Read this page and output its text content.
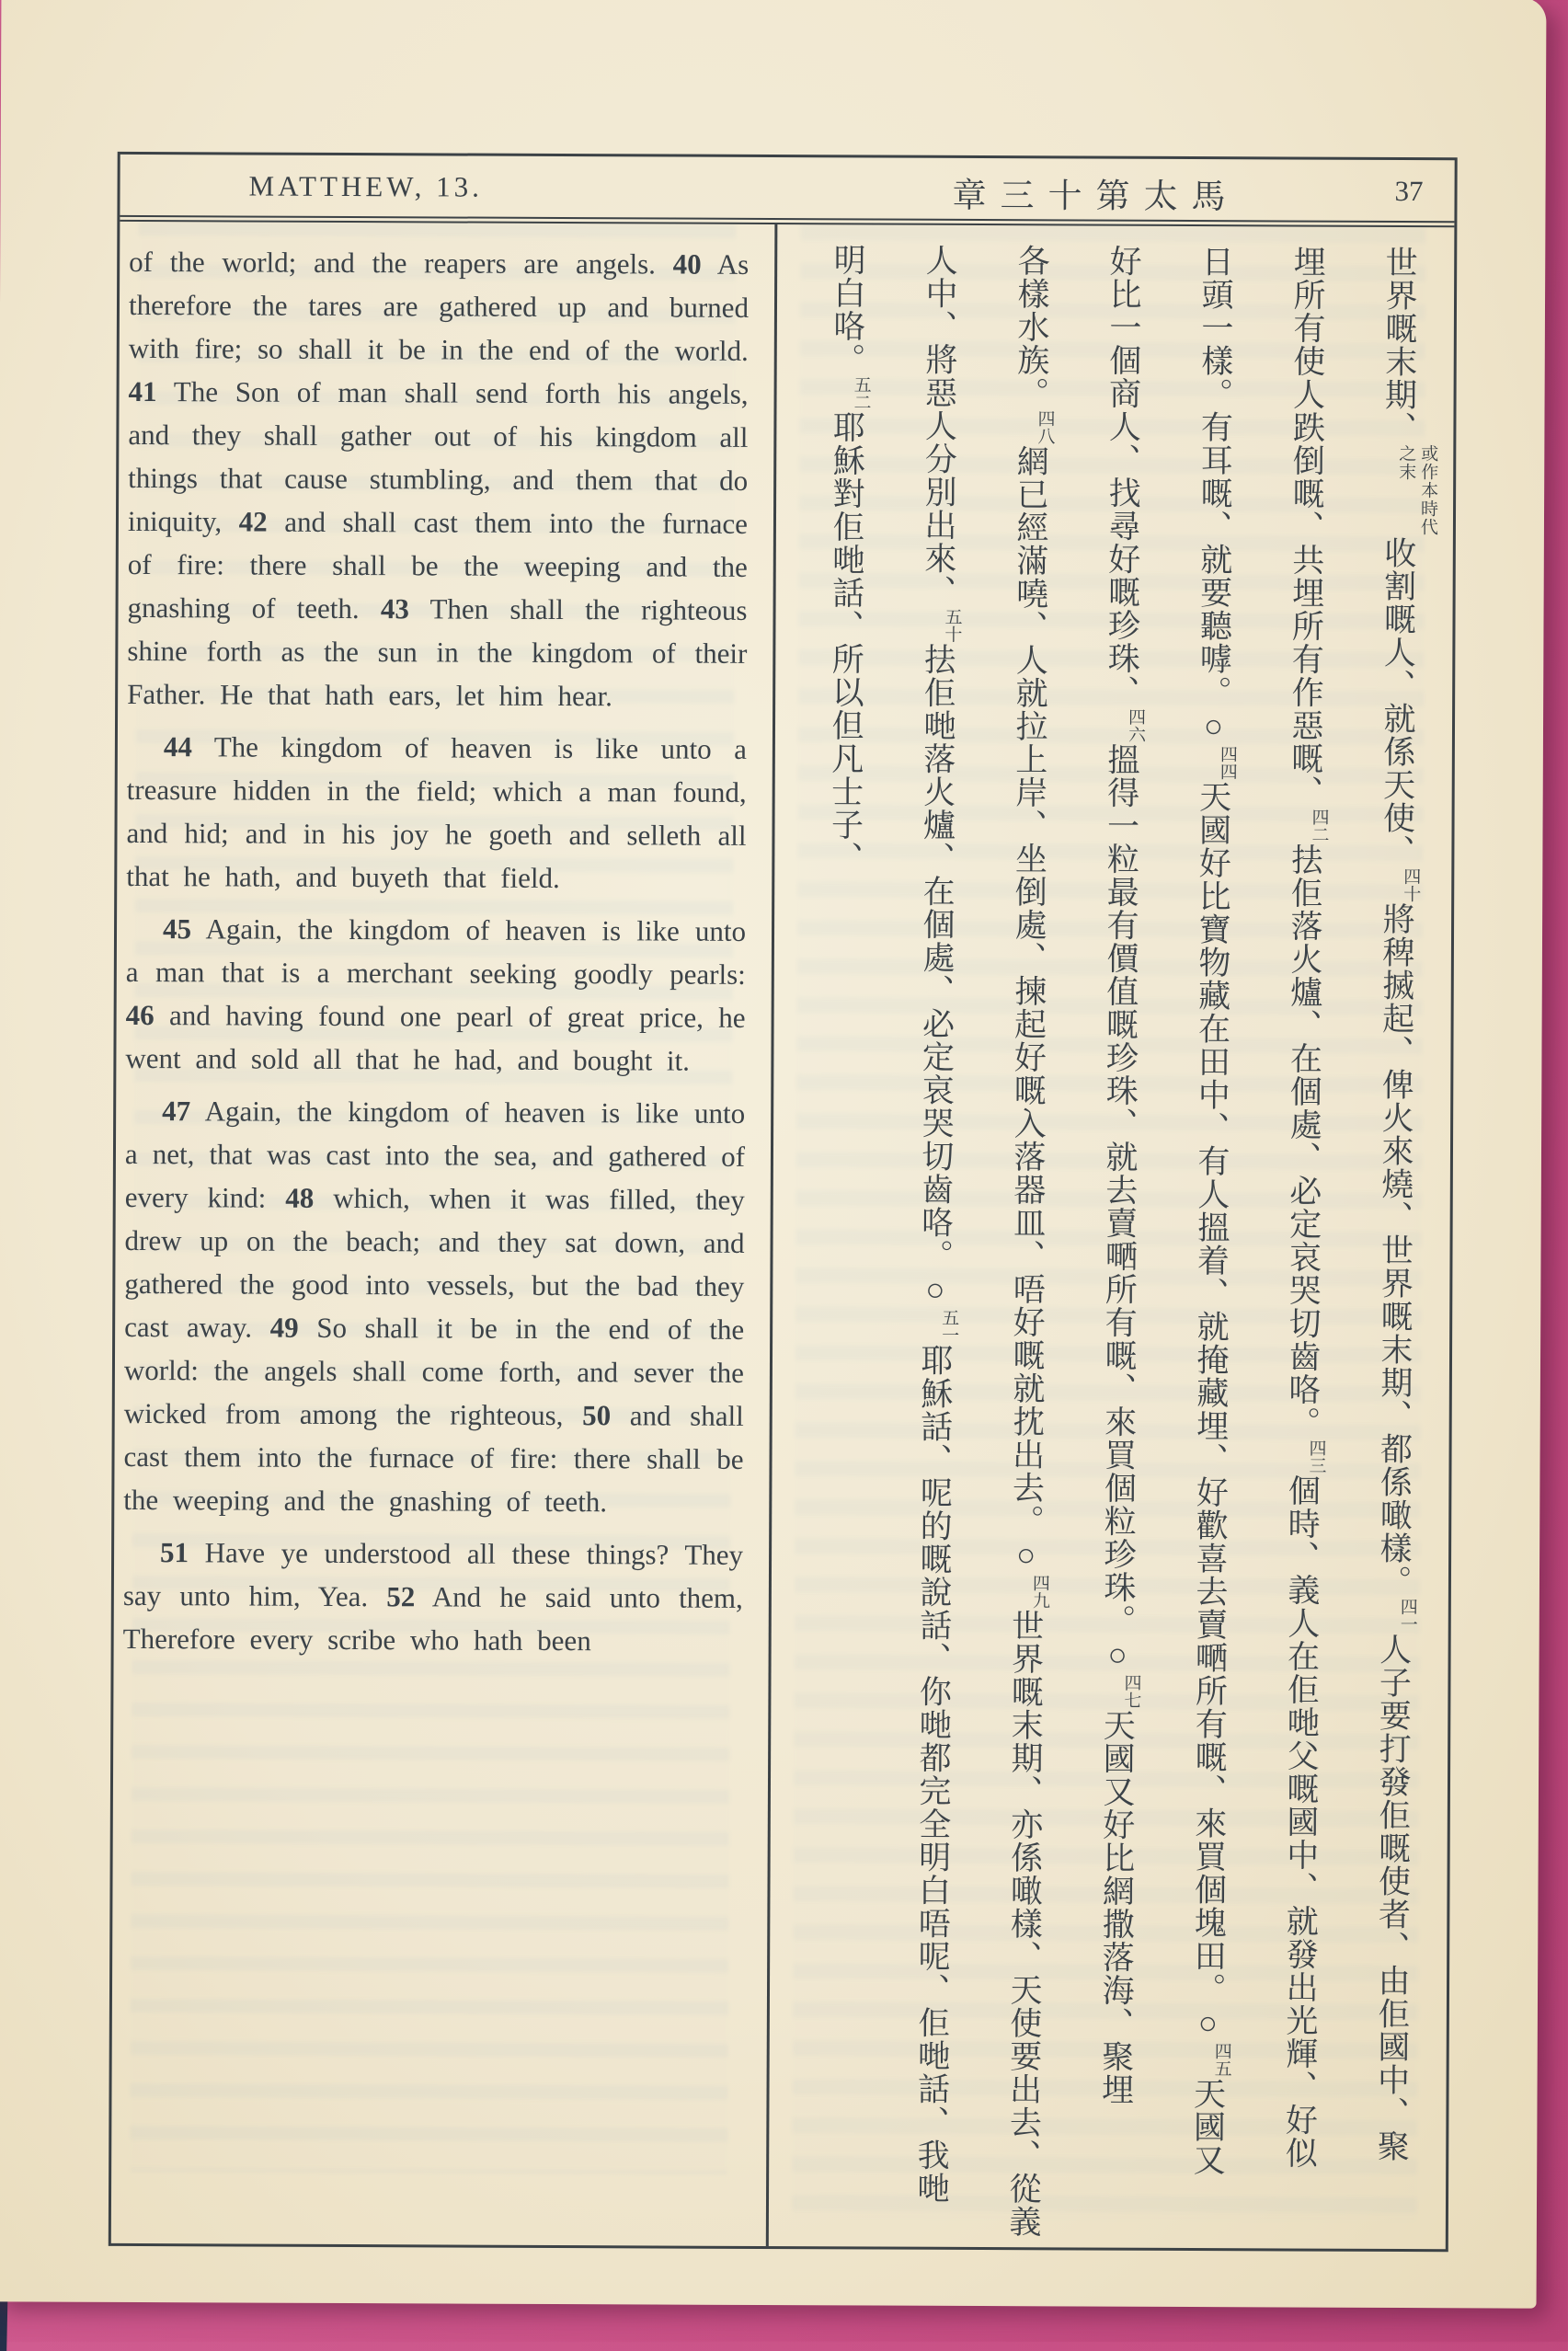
MATTHEW, 13.	章三十第太馬	37

of the world; and the reapers are angels. 40 As therefore the tares are gathered up and burned with fire; so shall it be in the end of the world. 41 The Son of man shall send forth his angels, and they shall gather out of his kingdom all things that cause stumbling, and them that do iniquity, 42 and shall cast them into the furnace of fire: there shall be the weeping and the gnashing of teeth. 43 Then shall the righteous shine forth as the sun in the kingdom of their Father. He that hath ears, let him hear.

44 The kingdom of heaven is like unto a treasure hidden in the field; which a man found, and hid; and in his joy he goeth and selleth all that he hath, and buyeth that field.

45 Again, the kingdom of heaven is like unto a man that is a merchant seeking goodly pearls: 46 and having found one pearl of great price, he went and sold all that he had, and bought it.

47 Again, the kingdom of heaven is like unto a net, that was cast into the sea, and gathered of every kind: 48 which, when it was filled, they drew up on the beach; and they sat down, and gathered the good into vessels, but the bad they cast away. 49 So shall it be in the end of the world: the angels shall come forth, and sever the wicked from among the righteous, 50 and shall cast them into the furnace of fire: there shall be the weeping and the gnashing of teeth.

51 Have ye understood all these things? They say unto him, Yea. 52 And he said unto them, Therefore every scribe who hath been

世界嘅末期、或作本時代之末收割嘅人、就係天使、四十將稗搣起、俾火來燒、世界嘅末期、都係噉樣。四一人子要打發佢嘅使者、由佢國中、聚
埋所有使人跌倒嘅、共埋所有作惡嘅、四二抾佢落火爐、在個處、必定哀哭切齒咯。四三個時、義人在佢哋父嘅國中、就發出光輝、好似
日頭一樣。有耳嘅、就要聽嘑。○四四天國好比寶物藏在田中、有人搵着、就掩藏埋、好歡喜去賣嗮所有嘅、來買個塊田。○四五天國又
好比一個商人、找尋好嘅珍珠、四六搵得一粒最有價值嘅珍珠、就去賣嗮所有嘅、來買個粒珍珠。○四七天國又好比網撒落海、聚埋
各樣水族。四八網已經滿嘵、人就拉上岸、坐倒處、揀起好嘅入落器皿、唔好嘅就抌出去。○四九世界嘅末期、亦係噉樣、天使要出去、從義
人中、將惡人分別出來、五十抾佢哋落火爐、在個處、必定哀哭切齒咯。○五一耶穌話、呢的嘅說話、你哋都完全明白唔呢、佢哋話、我哋
明白咯。五二耶穌對佢哋話、所以但凡士子、
